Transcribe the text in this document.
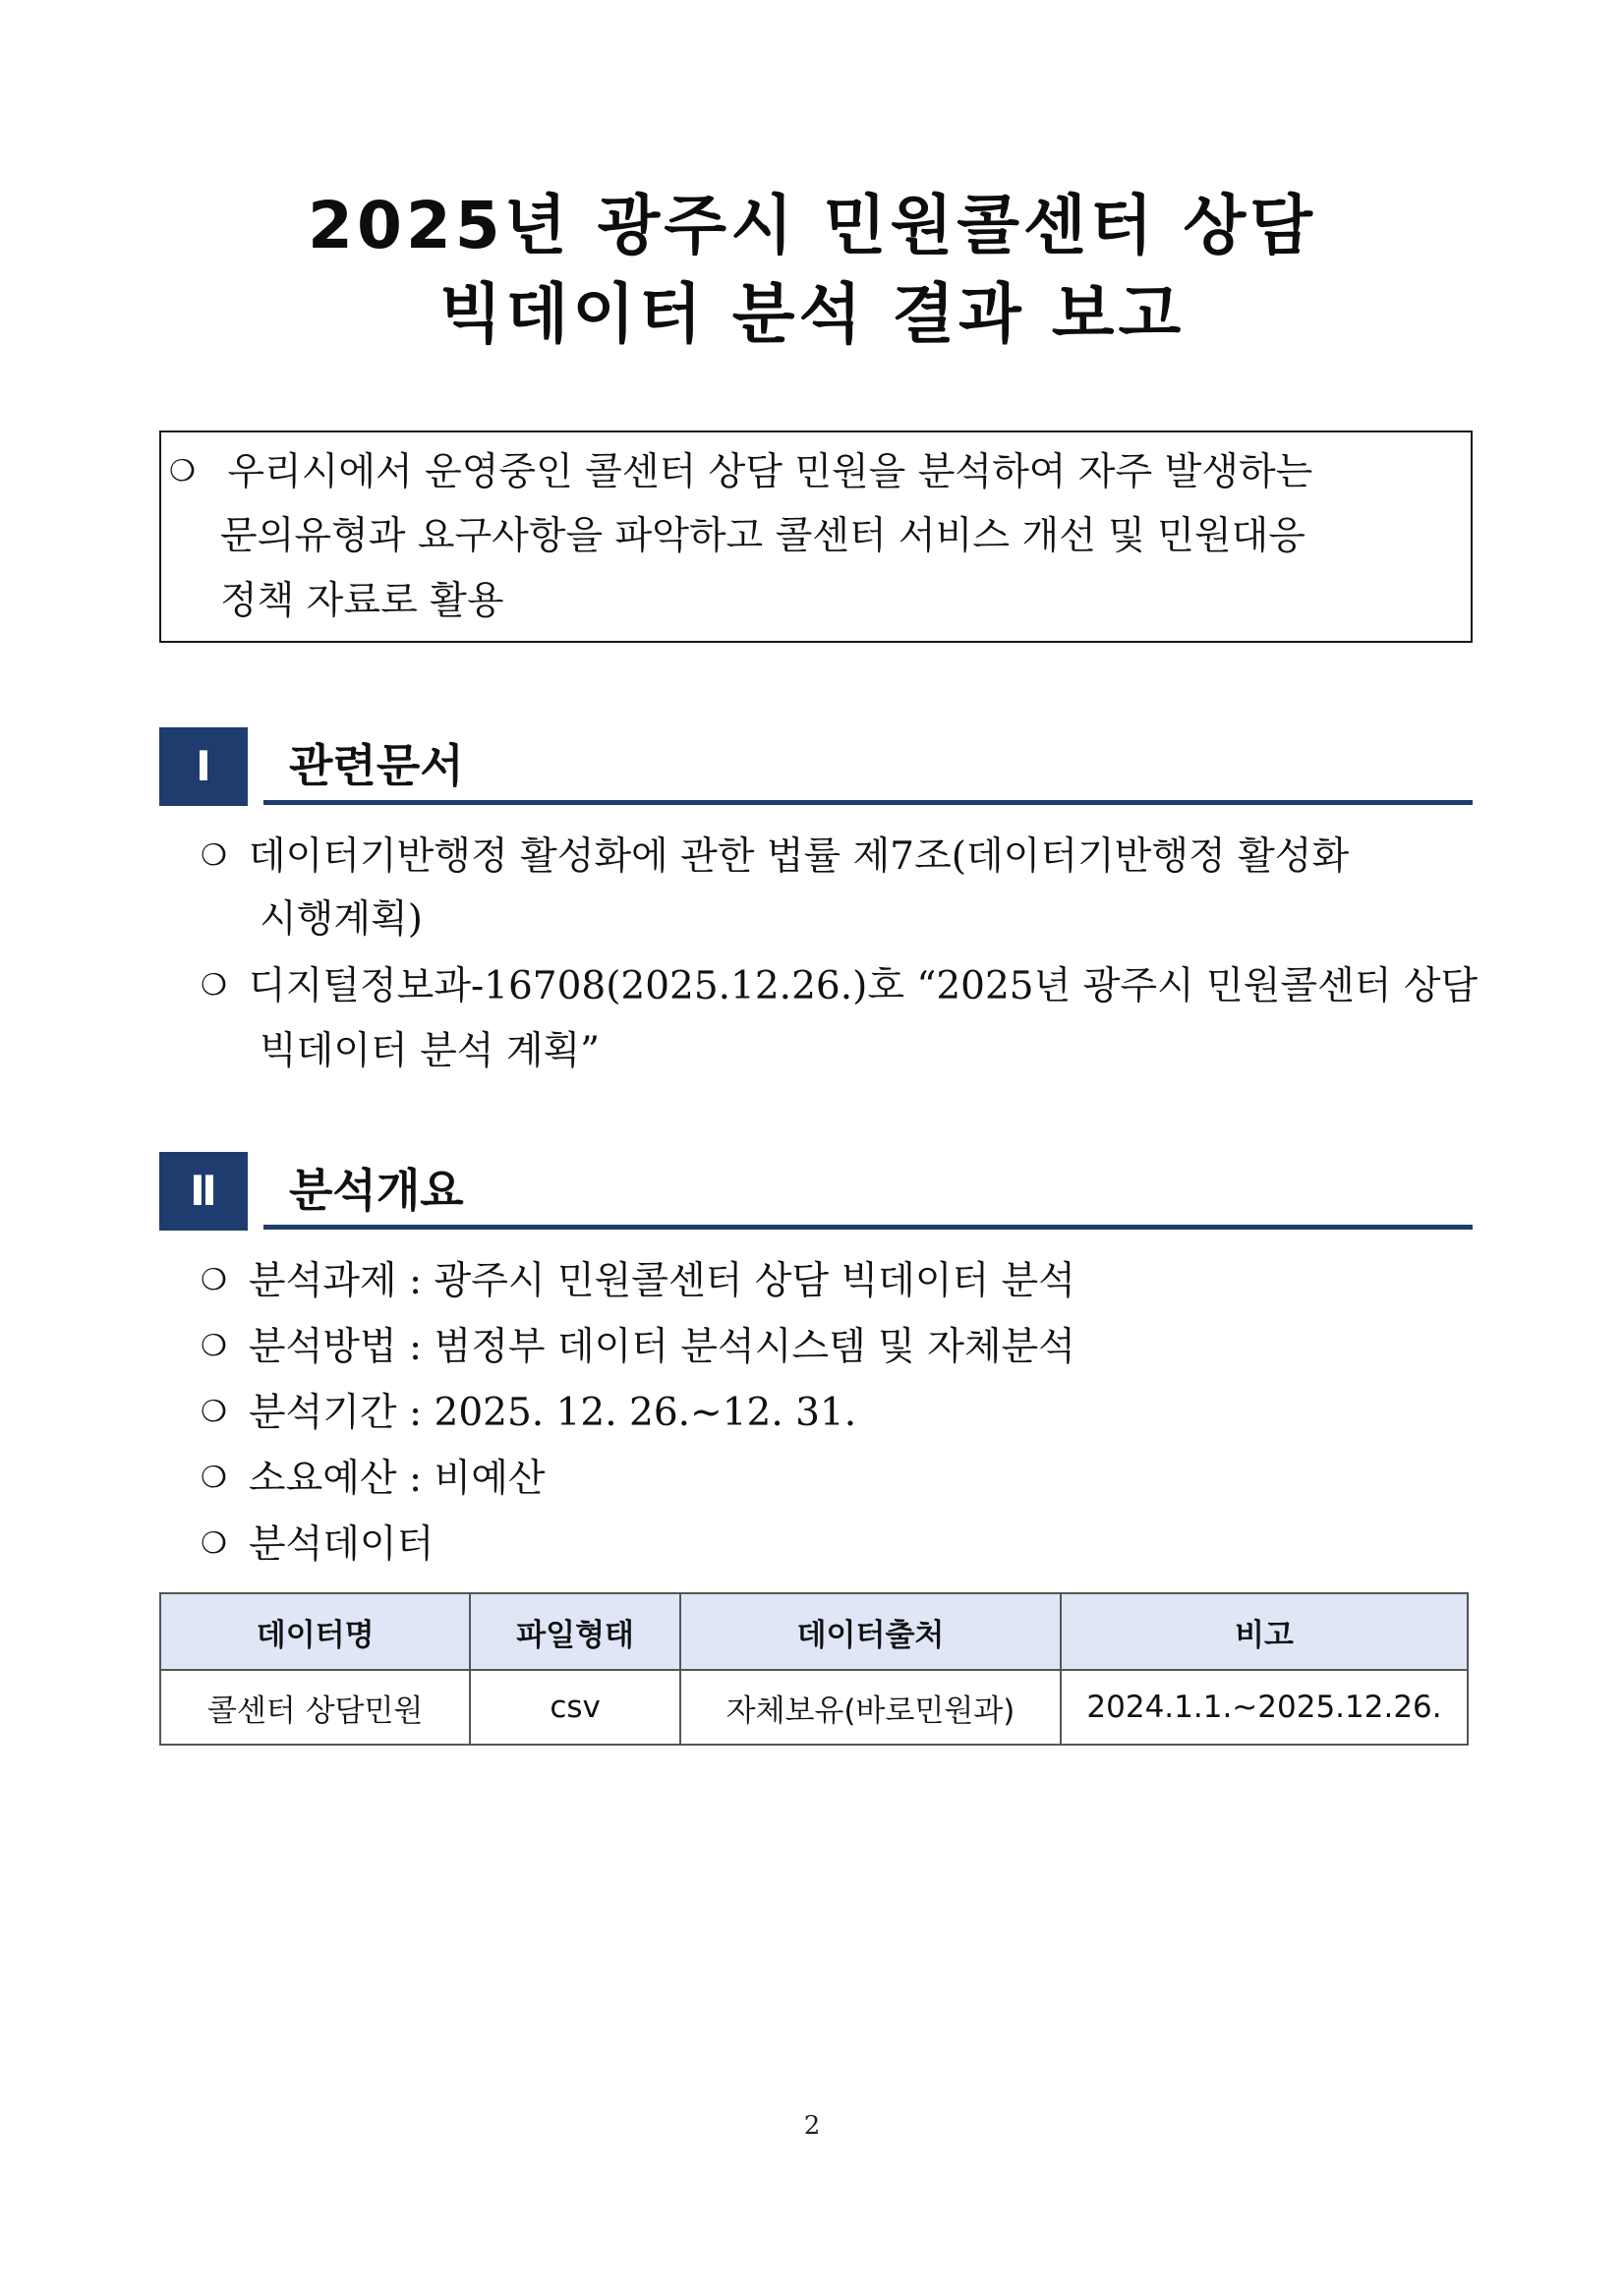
2025년 광주시 민원콜센터 상담
빅데이터 분석 결과 보고
❍ 우리시에서 운영중인 콜센터 상담 민원을 분석하여 자주 발생하는
문의유형과 요구사항을 파악하고 콜센터 서비스 개선 및 민원대응
정책 자료로 활용
Ⅰ	관련문서
❍ 데이터기반행정 활성화에 관한 법률 제7조(데이터기반행정 활성화
시행계획)
❍ 디지털정보과-16708(2025.12.26.)호 “2025년 광주시 민원콜센터 상담
빅데이터 분석 계획”
Ⅱ	분석개요
❍ 분석과제 : 광주시 민원콜센터 상담 빅데이터 분석
❍ 분석방법 : 범정부 데이터 분석시스템 및 자체분석
❍ 분석기간 : 2025. 12. 26.~12. 31.
❍ 소요예산 : 비예산
❍ 분석데이터
데이터명	파일형태	데이터출처	비고
콜센터 상담민원	csv	자체보유(바로민원과)	2024.1.1.~2025.12.26.
2
